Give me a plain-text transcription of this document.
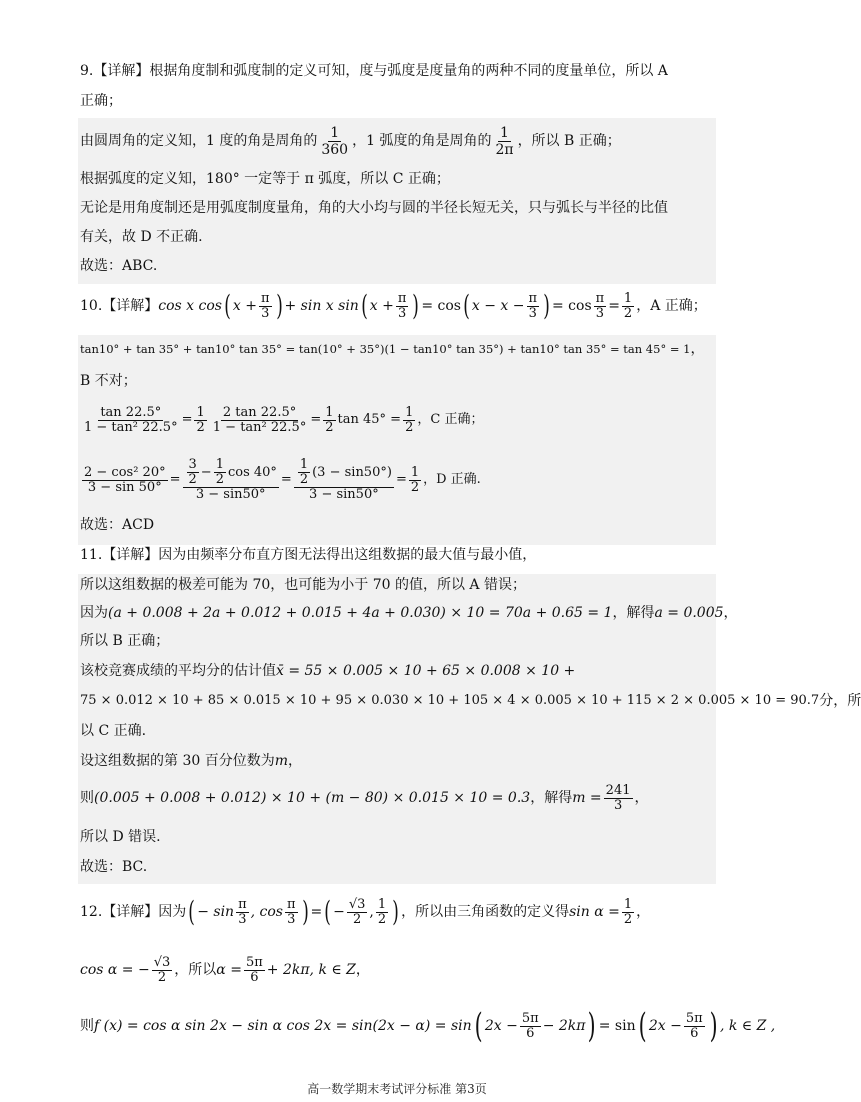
9.【详解】根据角度制和弧度制的定义可知，度与弧度是度量角的两种不同的度量单位，所以 A
正确；
由圆周角的定义知，1 度的角是周角的 $\frac{1}{360}$ ，1 弧度的角是周角的 $\frac{1}{2\pi}$ ，所以 B 正确；
根据弧度的定义知，180° 一定等于 π 弧度，所以 C 正确；
无论是用角度制还是用弧度制度量角，角的大小均与圆的半径长短无关，只与弧长与半径的比值
有关，故 D 不正确.
故选：ABC.
10.【详解】 cos x cos ( $x + \frac{\pi}{3}$ ) + sin x sin ( $x + \frac{\pi}{3}$ ) = cos ( $x - x - \frac{\pi}{3}$ ) = $\cos \frac{\pi}{3} = \frac{1}{2}$ ，A 正确；
tan10° + tan 35° + tan10° tan 35° = tan(10° + 35°)(1 − tan10° tan 35°) + tan10° tan 35° = tan 45° = 1 ，
B 不对；
$\frac{\tan 22.5^\circ}{\text{1 − tan² 22.5°}} = \frac{1}{2} \frac{2 \tan 22.5^\circ}{\text{1 − tan² 22.5°}} = \frac{1}{2}$ $\tan 45^\circ = \frac{1}{2}$ ，C 正确；
$\frac{\text{2 − cos² 20°}}{3 - \sin 50^\circ} = \frac{\frac{3}{2} - \frac{1}{2} \cos 40^\circ}{3 - \sin 50^\circ} = \frac{\frac{1}{2} (3 - \sin 50^\circ)}{3 - \sin 50^\circ} = \frac{1}{2}$ ，D 正确.
故选：ACD
11.【详解】因为由频率分布直方图无法得出这组数据的最大值与最小值，
所以这组数据的极差可能为 70，也可能为小于 70 的值，所以 A 错误；
因为 (a + 0.008 + 2a + 0.012 + 0.015 + 4a + 0.030) × 10 = 70a + 0.65 = 1 ，解得 a = 0.005 ，
所以 B 正确；
该校竞赛成绩的平均分的估计值 x̄ = 55 × 0.005 × 10 + 65 × 0.008 × 10 +
75 × 0.012 × 10 + 85 × 0.015 × 10 + 95 × 0.030 × 10 + 105 × 4 × 0.005 × 10 + 115 × 2 × 0.005 × 10 = 90.7 分，所
以 C 正确.
设这组数据的第 30 百分位数为 m ，
则 (0.005 + 0.008 + 0.012) × 10 + (m − 80) × 0.015 × 10 = 0.3 ，解得 $m = \frac{241}{3}$ ，
所以 D 错误.
故选：BC.
12.【详解】因为 ( − $\sin \frac{\pi}{3}$ , $\cos \frac{\pi}{3}$ ) = ( − $\frac{√3}{2}$ , $\frac{1}{2}$ ) ，所以由三角函数的定义得 $\sin \alpha = \frac{1}{2}$ ，
cos α = − $\frac{√3}{2}$ ，所以 $\alpha = \frac{5\pi}{6} + 2k\pi$, k ∈ Z ，
则 f (x) = cos α sin 2x − sin α cos 2x = sin(2x − α) = sin ( $2x - \frac{5\pi}{6} - 2k\pi$ ) = sin ( $2x - \frac{5\pi}{6}$ ) , k ∈ Z ,
高一数学期末考试评分标准 第3页
